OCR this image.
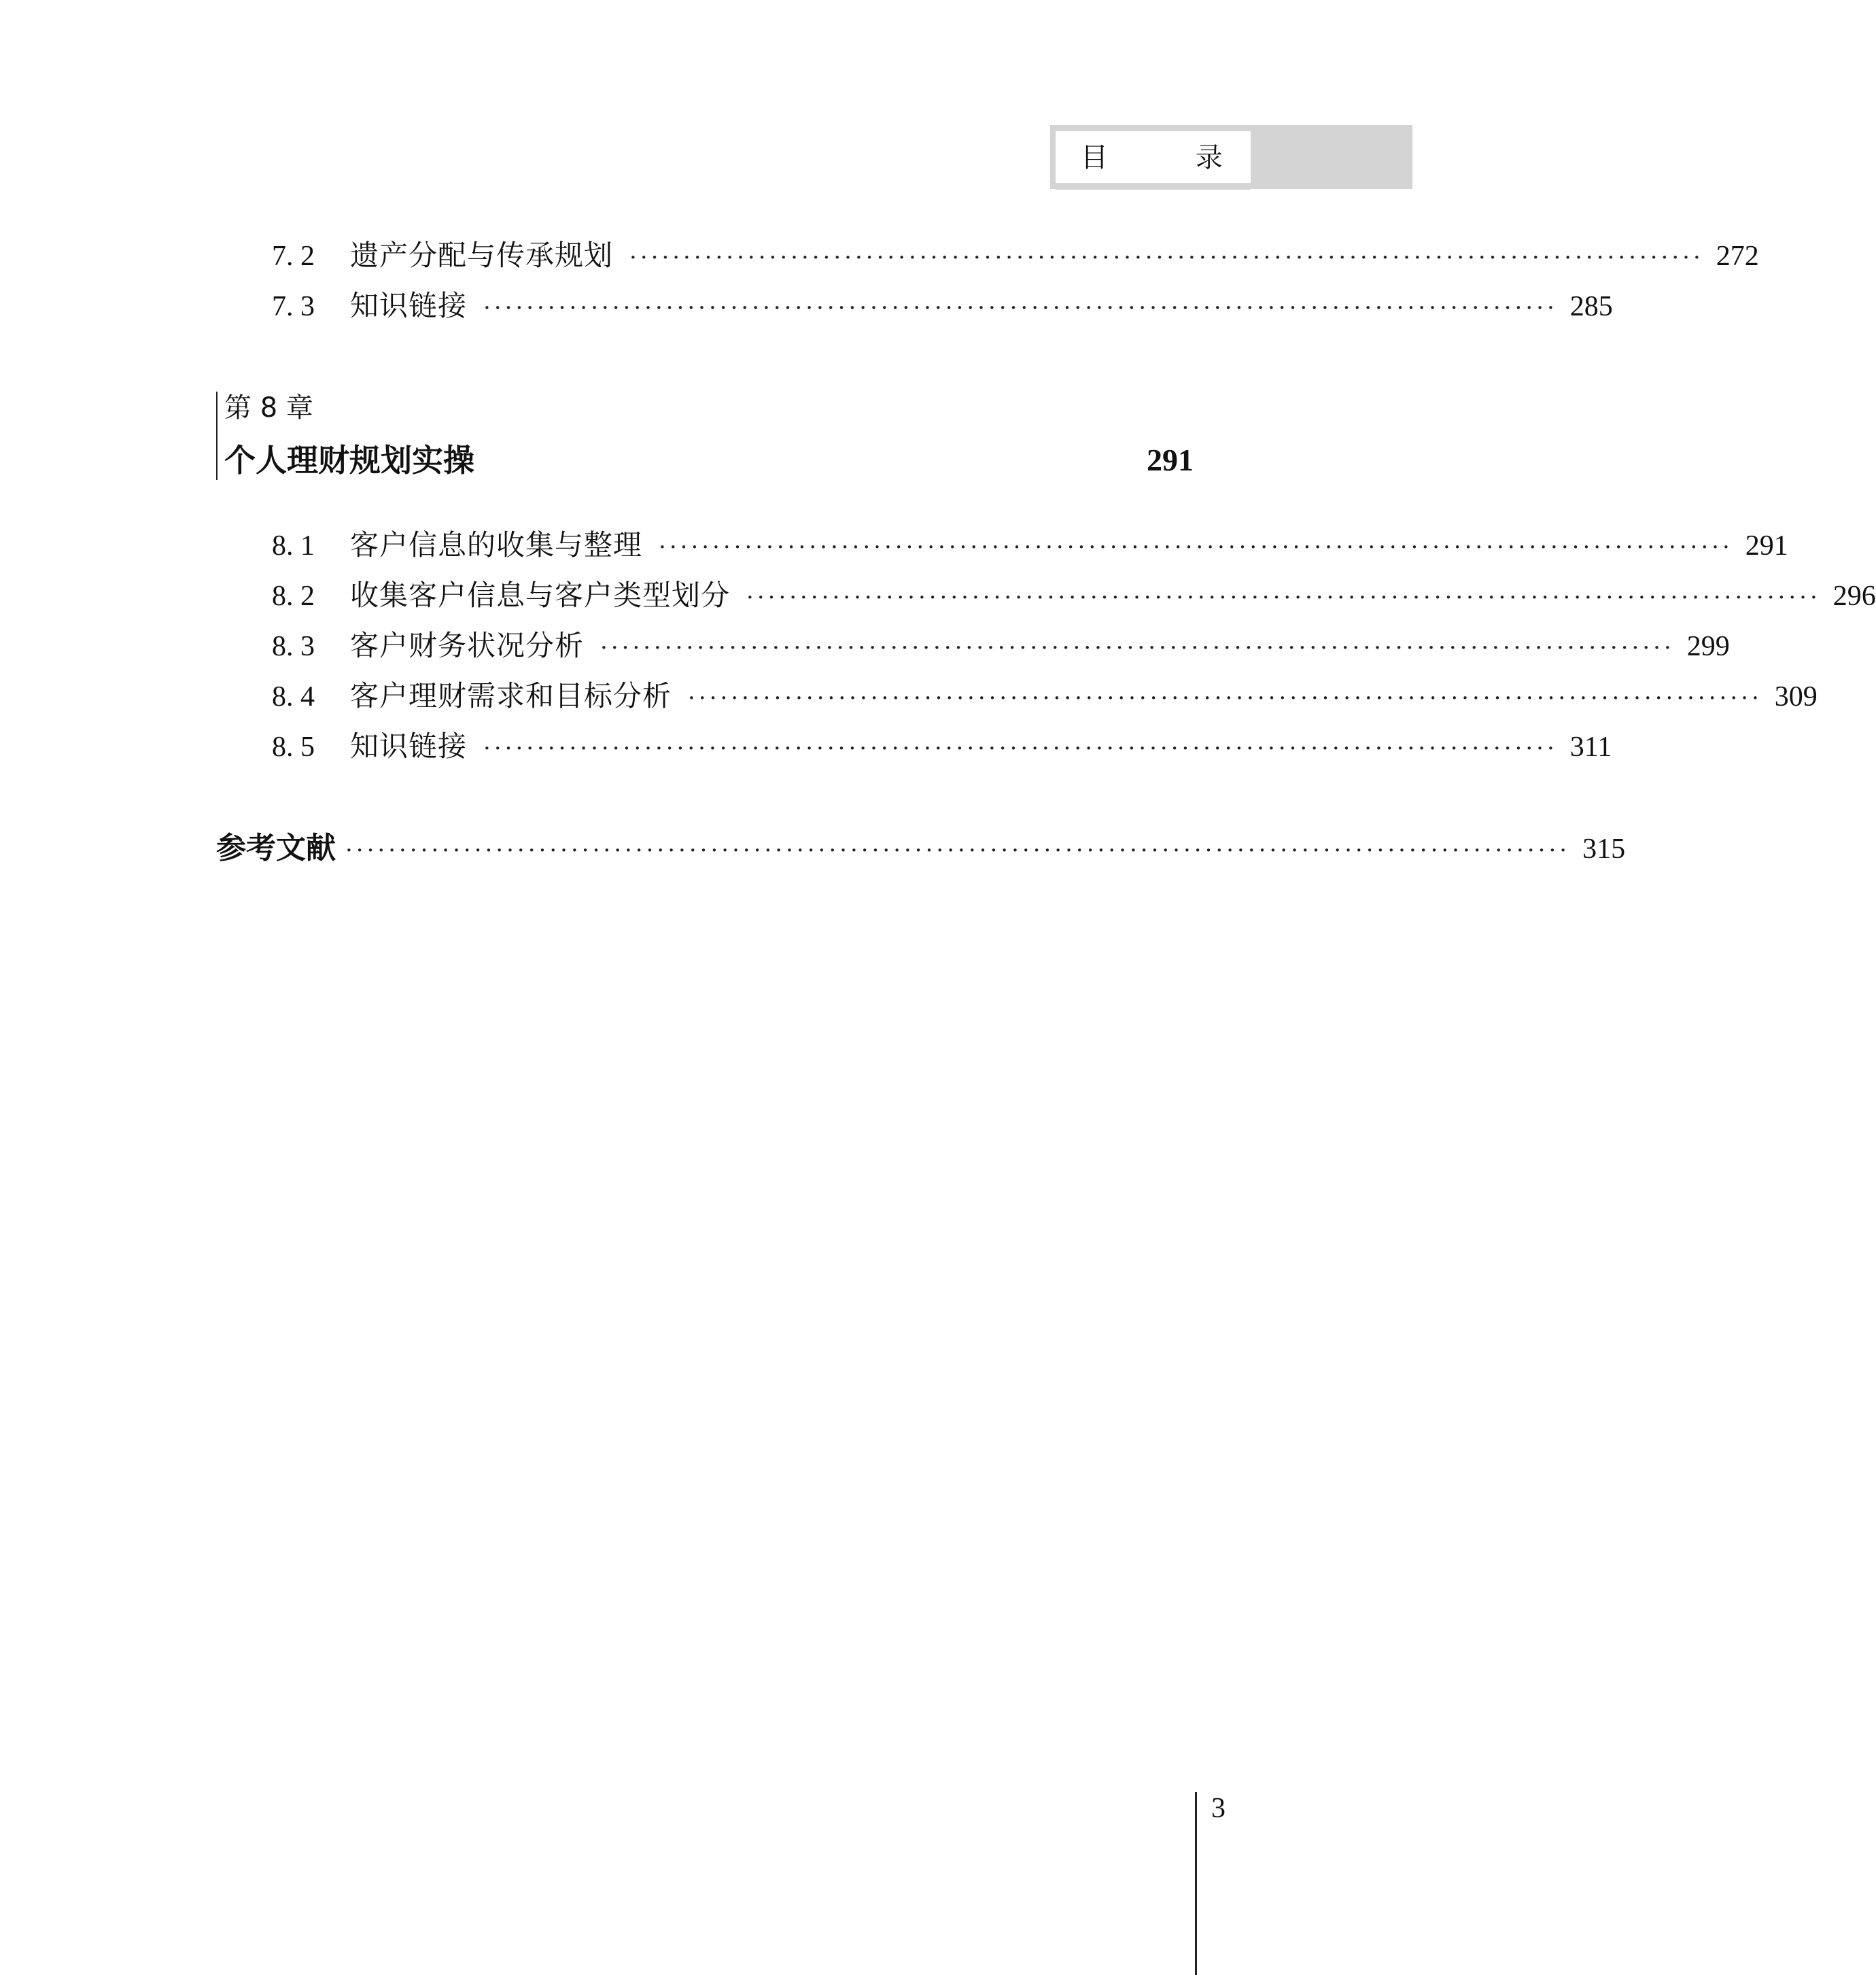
目 录
7. 2	遗产分配与传承规划 ···································································································· 272
7. 3	知识链接 ···································································································· 285
第 8 章
个人理财规划实操	291
8. 1	客户信息的收集与整理 ···································································································· 291
8. 2	收集客户信息与客户类型划分 ···································································································· 296
8. 3	客户财务状况分析 ···································································································· 299
8. 4	客户理财需求和目标分析 ···································································································· 309
8. 5	知识链接 ···································································································· 311
参考文献 ·················································································································· 315
3
